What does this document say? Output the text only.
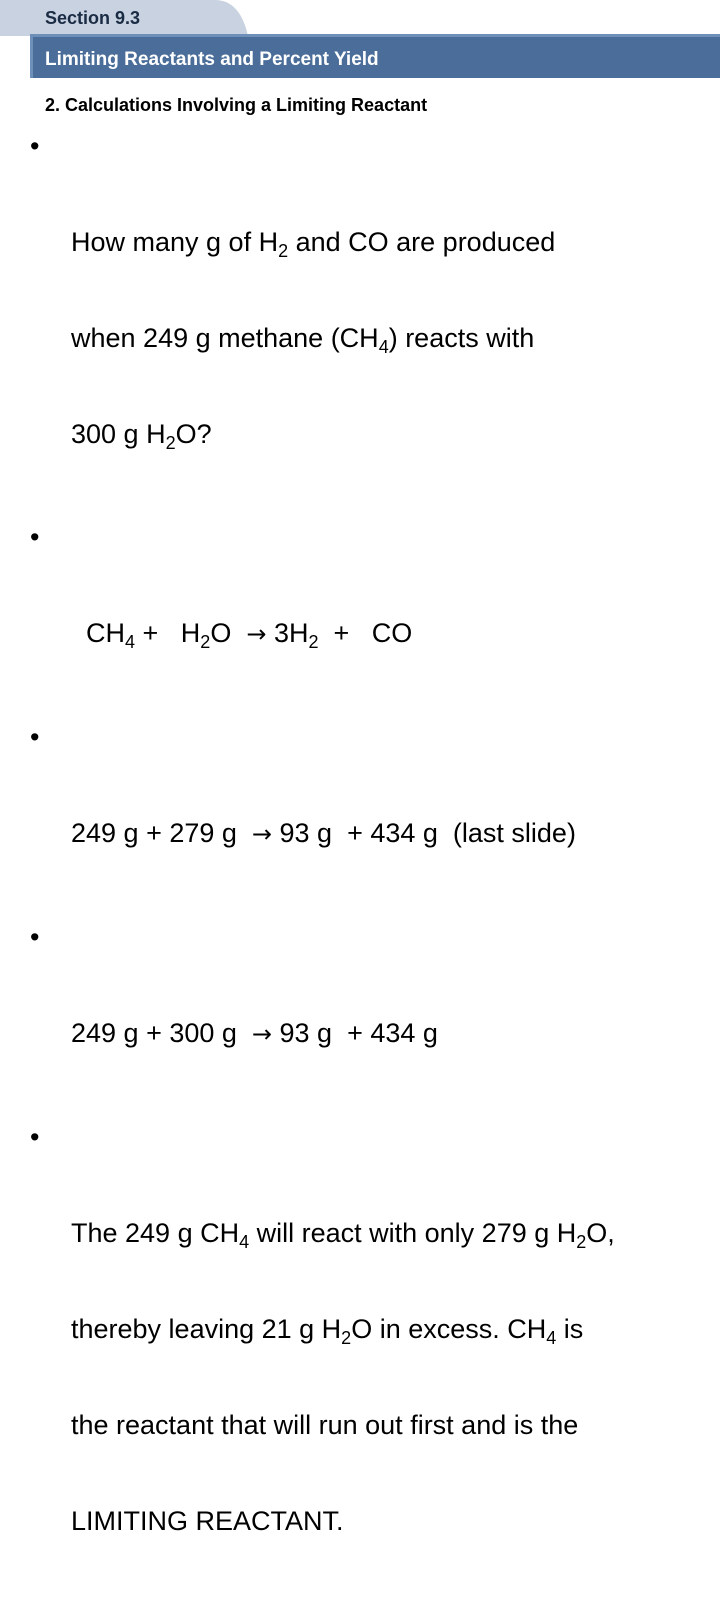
Section 9.3
Limiting Reactants and Percent Yield
2. Calculations Involving a Limiting Reactant

•

How many g of $H_2$ and CO are produced

when 249 g methane $(CH_4)$ reacts with

300 g $H_2O$?

•

$CH_4 + H_2O \to 3H_2$  +   CO

•

249 g + 279 g  → 93 g  + 434 g  (last slide)

•

249 g + 300 g  → 93 g  + 434 g

•

The 249 g $CH_4$ will react with only 279 g $H_2O$,

thereby leaving 21 g $H_2O$ in excess. $CH_4$ is

the reactant that will run out first and is the

LIMITING REACTANT.
